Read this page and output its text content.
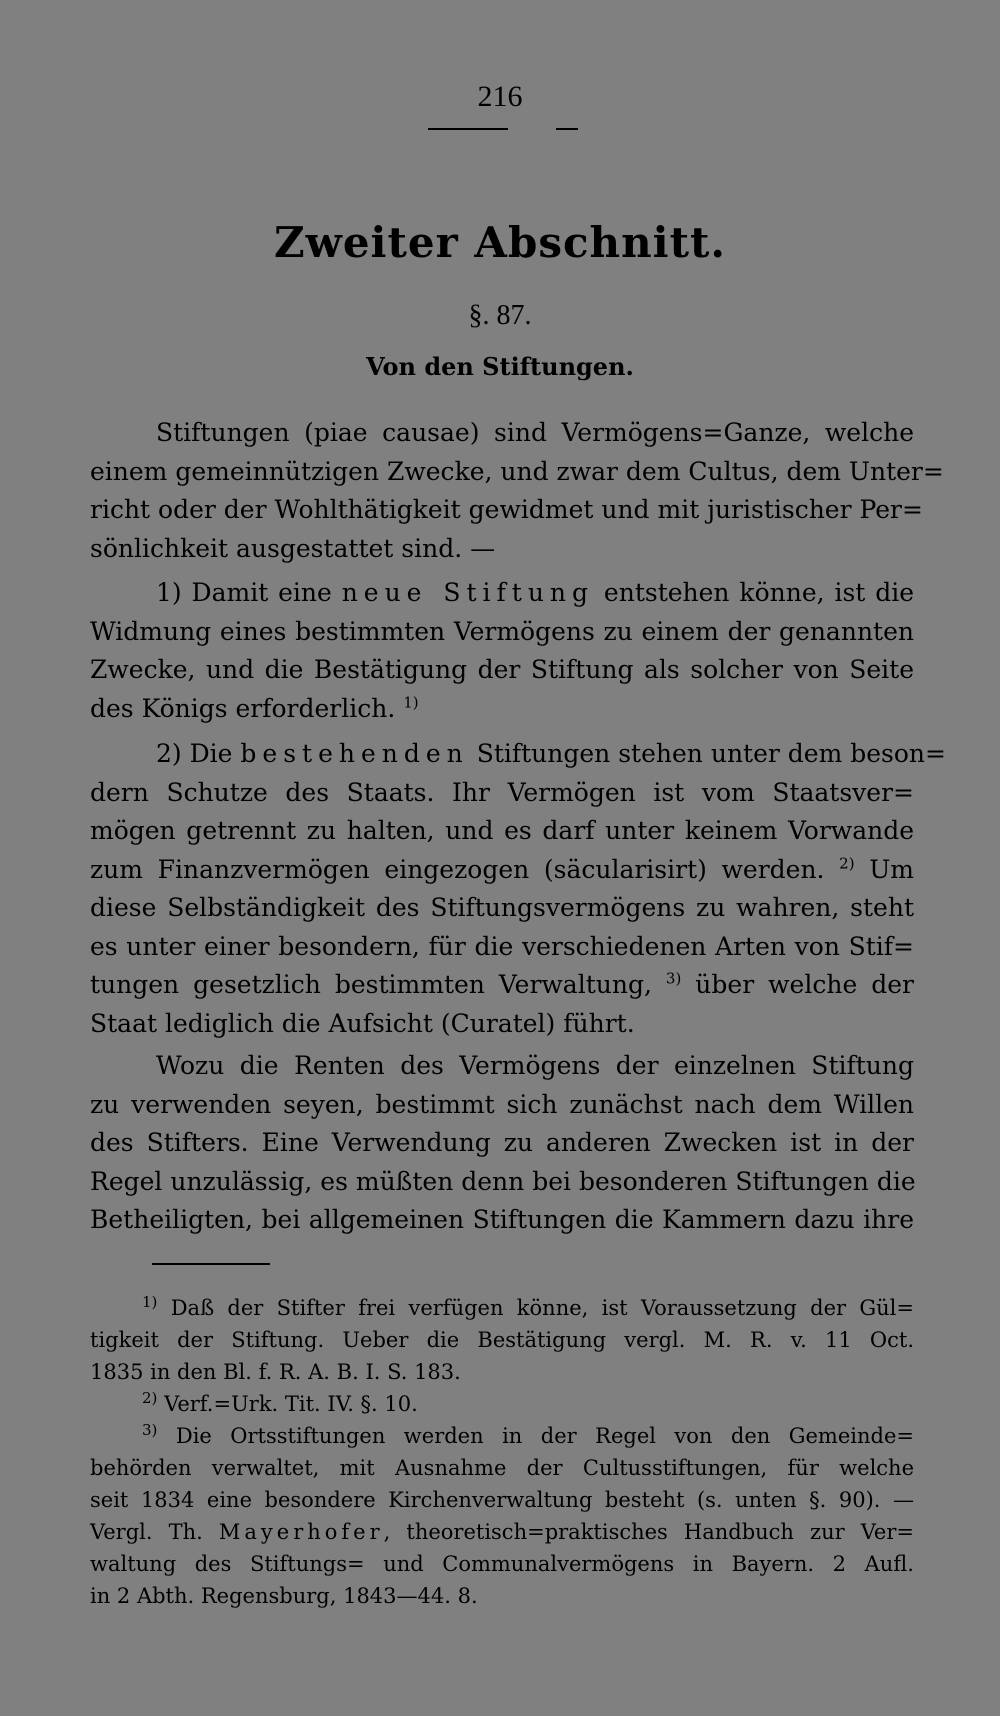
216
Zweiter Abschnitt.
§. 87.
Von den Stiftungen.
Stiftungen (piae causae) sind Vermögens=Ganze, welche
einem gemeinnützigen Zwecke, und zwar dem Cultus, dem Unter=
richt oder der Wohlthätigkeit gewidmet und mit juristischer Per=
sönlichkeit ausgestattet sind. —
1) Damit eine neue Stiftung entstehen könne, ist die
Widmung eines bestimmten Vermögens zu einem der genannten
Zwecke, und die Bestätigung der Stiftung als solcher von Seite
des Königs erforderlich. $^{1)}$
2) Die bestehenden Stiftungen stehen unter dem beson=
dern Schutze des Staats. Ihr Vermögen ist vom Staatsver=
mögen getrennt zu halten, und es darf unter keinem Vorwande
zum Finanzvermögen eingezogen (säcularisirt) werden. $^{2)}$ Um
diese Selbständigkeit des Stiftungsvermögens zu wahren, steht
es unter einer besondern, für die verschiedenen Arten von Stif=
tungen gesetzlich bestimmten Verwaltung, $^{3)}$ über welche der
Staat lediglich die Aufsicht (Curatel) führt.
Wozu die Renten des Vermögens der einzelnen Stiftung
zu verwenden seyen, bestimmt sich zunächst nach dem Willen
des Stifters. Eine Verwendung zu anderen Zwecken ist in der
Regel unzulässig, es müßten denn bei besonderen Stiftungen die
Betheiligten, bei allgemeinen Stiftungen die Kammern dazu ihre
$^{1)}$ Daß der Stifter frei verfügen könne, ist Voraussetzung der Gül=
tigkeit der Stiftung. Ueber die Bestätigung vergl. M. R. v. 11 Oct.
1835 in den Bl. f. R. A. B. I. S. 183.
$^{2)}$ Verf.=Urk. Tit. IV. §. 10.
$^{3)}$ Die Ortsstiftungen werden in der Regel von den Gemeinde=
behörden verwaltet, mit Ausnahme der Cultusstiftungen, für welche
seit 1834 eine besondere Kirchenverwaltung besteht (s. unten §. 90). —
Vergl. Th. Mayerhofer, theoretisch=praktisches Handbuch zur Ver=
waltung des Stiftungs= und Communalvermögens in Bayern. 2 Aufl.
in 2 Abth. Regensburg, 1843—44. 8.
